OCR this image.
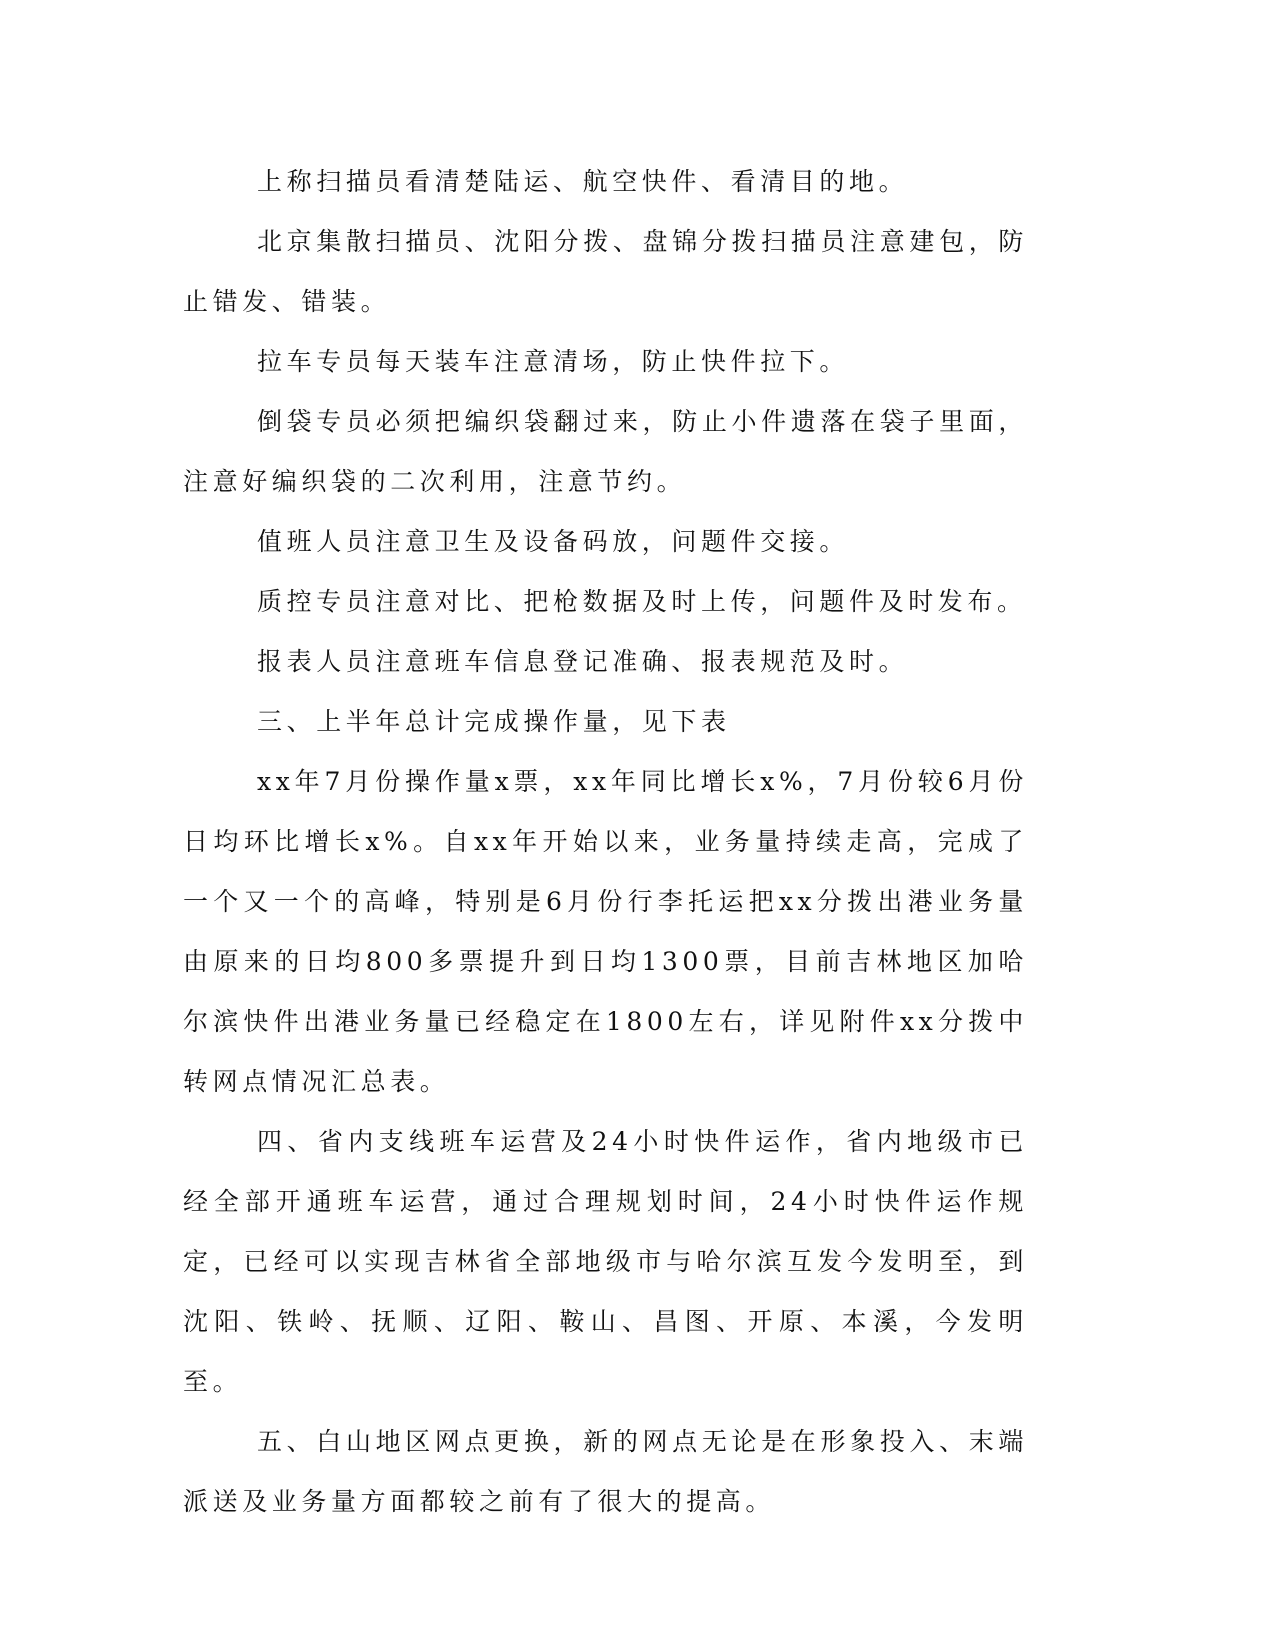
上称扫描员看清楚陆运、航空快件、看清目的地。

北京集散扫描员、沈阳分拨、盘锦分拨扫描员注意建包，防止错发、错装。

拉车专员每天装车注意清场，防止快件拉下。

倒袋专员必须把编织袋翻过来，防止小件遗落在袋子里面，注意好编织袋的二次利用，注意节约。

值班人员注意卫生及设备码放，问题件交接。

质控专员注意对比、把枪数据及时上传，问题件及时发布。

报表人员注意班车信息登记准确、报表规范及时。

三、上半年总计完成操作量，见下表

xx年7月份操作量x票，xx年同比增长x%，7月份较6月份日均环比增长x%。自xx年开始以来，业务量持续走高，完成了一个又一个的高峰，特别是6月份行李托运把xx分拨出港业务量由原来的日均800多票提升到日均1300票，目前吉林地区加哈尔滨快件出港业务量已经稳定在1800左右，详见附件xx分拨中转网点情况汇总表。

四、省内支线班车运营及24小时快件运作，省内地级市已经全部开通班车运营，通过合理规划时间，24小时快件运作规定，已经可以实现吉林省全部地级市与哈尔滨互发今发明至，到沈阳、铁岭、抚顺、辽阳、鞍山、昌图、开原、本溪，今发明至。

五、白山地区网点更换，新的网点无论是在形象投入、末端派送及业务量方面都较之前有了很大的提高。
